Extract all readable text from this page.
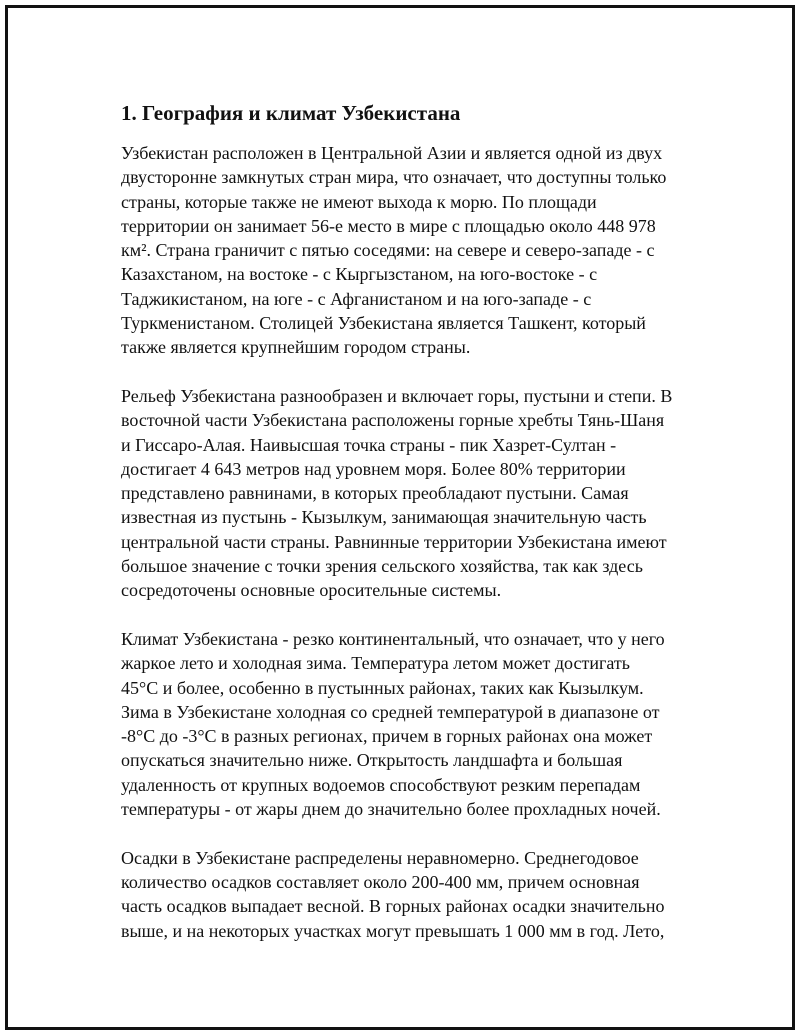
1. География и климат Узбекистана

Узбекистан расположен в Центральной Азии и является одной из двух
двусторонне замкнутых стран мира, что означает, что доступны только
страны, которые также не имеют выхода к морю. По площади
территории он занимает 56-е место в мире с площадью около 448 978
км². Страна граничит с пятью соседями: на севере и северо-западе - с
Казахстаном, на востоке - с Кыргызстаном, на юго-востоке - с
Таджикистаном, на юге - с Афганистаном и на юго-западе - с
Туркменистаном. Столицей Узбекистана является Ташкент, который
также является крупнейшим городом страны.

Рельеф Узбекистана разнообразен и включает горы, пустыни и степи. В
восточной части Узбекистана расположены горные хребты Тянь-Шаня
и Гиссаро-Алая. Наивысшая точка страны - пик Хазрет-Султан -
достигает 4 643 метров над уровнем моря. Более 80% территории
представлено равнинами, в которых преобладают пустыни. Самая
известная из пустынь - Кызылкум, занимающая значительную часть
центральной части страны. Равнинные территории Узбекистана имеют
большое значение с точки зрения сельского хозяйства, так как здесь
сосредоточены основные оросительные системы.

Климат Узбекистана - резко континентальный, что означает, что у него
жаркое лето и холодная зима. Температура летом может достигать
45°C и более, особенно в пустынных районах, таких как Кызылкум.
Зима в Узбекистане холодная со средней температурой в диапазоне от
-8°C до -3°C в разных регионах, причем в горных районах она может
опускаться значительно ниже. Открытость ландшафта и большая
удаленность от крупных водоемов способствуют резким перепадам
температуры - от жары днем до значительно более прохладных ночей.

Осадки в Узбекистане распределены неравномерно. Среднегодовое
количество осадков составляет около 200-400 мм, причем основная
часть осадков выпадает весной. В горных районах осадки значительно
выше, и на некоторых участках могут превышать 1 000 мм в год. Лето,
